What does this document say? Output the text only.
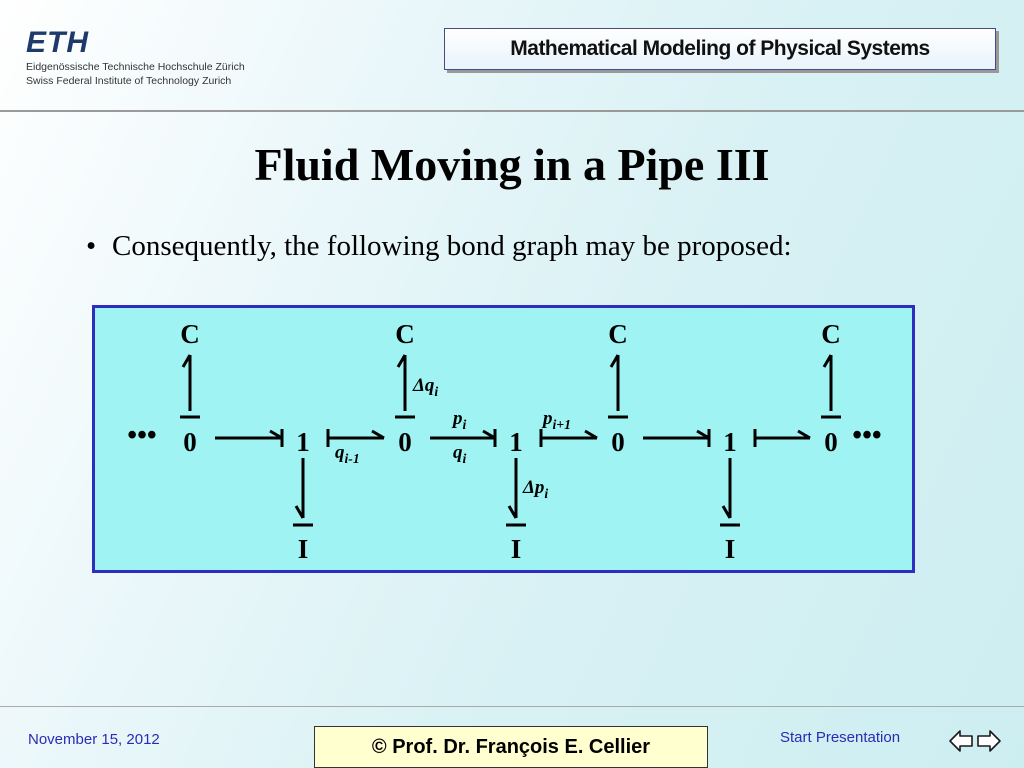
ETH
Eidgenössische Technische Hochschule Zürich
Swiss Federal Institute of Technology Zurich
Mathematical Modeling of Physical Systems
Fluid Moving in a Pipe III
• Consequently, the following bond graph may be proposed:
0	1	0	1	0	1	0
•••	•••
C	C	C	C
I	I	I
$\Delta q_i$
$p_i$
$q_i$
$p_{i+1}$
$q_{i-1}$
$\Delta p_i$
November 15, 2012	© Prof. Dr. François E. Cellier	Start Presentation
